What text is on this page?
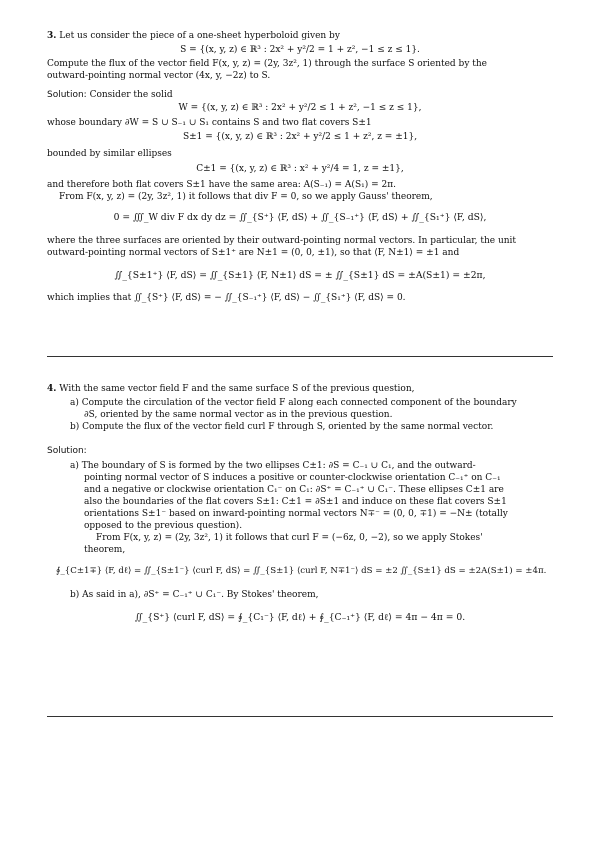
3. Let us consider the piece of a one-sheet hyperboloid given by
S = {(x, y, z) ∈ ℝ³ : 2x² + y²/2 = 1 + z², −1 ≤ z ≤ 1}.
Compute the flux of the vector field F(x, y, z) = (2y, 3z², 1) through the surface S oriented by the
outward-pointing normal vector (4x, y, −2z) to S.
Solution: Consider the solid
W = {(x, y, z) ∈ ℝ³ : 2x² + y²/2 ≤ 1 + z², −1 ≤ z ≤ 1},
whose boundary ∂W = S ∪ S₋₁ ∪ S₁ contains S and two flat covers S±1
S±1 = {(x, y, z) ∈ ℝ³ : 2x² + y²/2 ≤ 1 + z², z = ±1},
bounded by similar ellipses
C±1 = {(x, y, z) ∈ ℝ³ : x² + y²/4 = 1, z = ±1},
and therefore both flat covers S±1 have the same area: A(S₋₁) = A(S₁) = 2π.
From F(x, y, z) = (2y, 3z², 1) it follows that div F = 0, so we apply Gauss' theorem,
0 = ∭_W div F dx dy dz = ∬_{S⁺} ⟨F, dS⟩ + ∬_{S₋₁⁺} ⟨F, dS⟩ + ∬_{S₁⁺} ⟨F, dS⟩,
where the three surfaces are oriented by their outward-pointing normal vectors. In particular, the unit
outward-pointing normal vectors of S±1⁺ are N±1 = (0, 0, ±1), so that ⟨F, N±1⟩ = ±1 and
∬_{S±1⁺} ⟨F, dS⟩ = ∬_{S±1} ⟨F, N±1⟩ dS = ± ∬_{S±1} dS = ±A(S±1) = ±2π,
which implies that ∬_{S⁺} ⟨F, dS⟩ = − ∬_{S₋₁⁺} ⟨F, dS⟩ − ∬_{S₁⁺} ⟨F, dS⟩ = 0.
4. With the same vector field F and the same surface S of the previous question,
a) Compute the circulation of the vector field F along each connected component of the boundary
∂S, oriented by the same normal vector as in the previous question.
b) Compute the flux of the vector field curl F through S, oriented by the same normal vector.
Solution:
a) The boundary of S is formed by the two ellipses C±1: ∂S = C₋₁ ∪ C₁, and the outward-
pointing normal vector of S induces a positive or counter-clockwise orientation C₋₁⁺ on C₋₁
and a negative or clockwise orientation C₁⁻ on C₁: ∂S⁺ = C₋₁⁺ ∪ C₁⁻. These ellipses C±1 are
also the boundaries of the flat covers S±1: C±1 = ∂S±1 and induce on these flat covers S±1
orientations S±1⁻ based on inward-pointing normal vectors N∓⁻ = (0, 0, ∓1) = −N± (totally
opposed to the previous question).
From F(x, y, z) = (2y, 3z², 1) it follows that curl F = (−6z, 0, −2), so we apply Stokes'
theorem,
∮_{C±1∓} ⟨F, dℓ⟩ = ∬_{S±1⁻} ⟨curl F, dS⟩ = ∬_{S±1} ⟨curl F, N∓1⁻⟩ dS = ±2 ∬_{S±1} dS = ±2A(S±1) = ±4π.
b) As said in a), ∂S⁺ = C₋₁⁺ ∪ C₁⁻. By Stokes' theorem,
∬_{S⁺} ⟨curl F, dS⟩ = ∮_{C₁⁻} ⟨F, dℓ⟩ + ∮_{C₋₁⁺} ⟨F, dℓ⟩ = 4π − 4π = 0.
